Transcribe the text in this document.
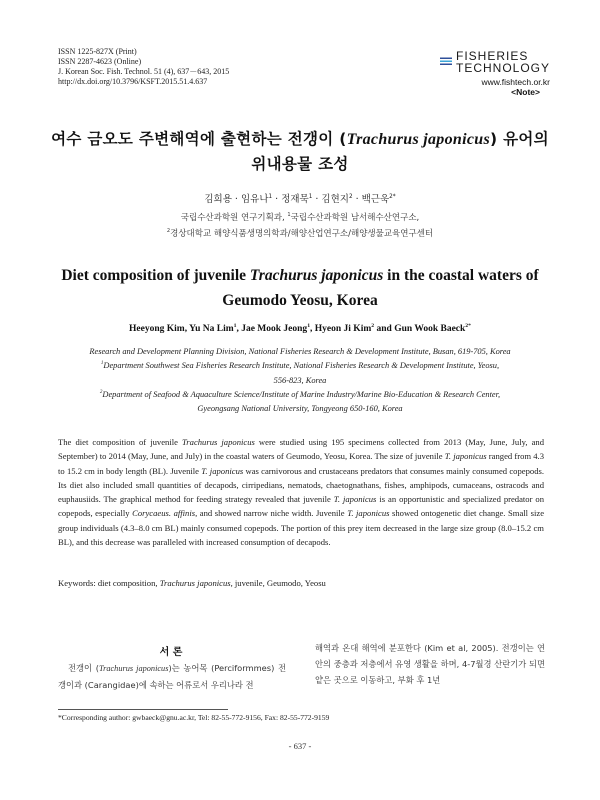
ISSN 1225-827X (Print)
ISSN 2287-4623 (Online)
J. Korean Soc. Fish. Technol. 51 (4), 637－643, 2015
http://dx.doi.org/10.3796/KSFT.2015.51.4.637
FISHERIES
TECHNOLOGY
www.fishtech.or.kr
<Note>
여수 금오도 주변해역에 출현하는 전갱이 (Trachurus japonicus) 유어의
위내용물 조성
김희용 · 임유나$^1$ · 정재묵$^1$ · 김현지$^2$ · 백근욱$^{2*}$
국립수산과학원 연구기획과, $^1$국립수산과학원 남서해수산연구소,
$^2$경상대학교 해양식품생명의학과/해양산업연구소/해양생물교육연구센터
Diet composition of juvenile Trachurus japonicus in the coastal waters of
Geumodo Yeosu, Korea
Heeyong Kim, Yu Na Lim$^1$, Jae Mook Jeong$^1$, Hyeon Ji Kim$^2$ and Gun Wook Baeck$^{2*}$
Research and Development Planning Division, National Fisheries Research & Development Institute, Busan, 619-705, Korea
$^1$Department Southwest Sea Fisheries Research Institute, National Fisheries Research & Development Institute, Yeosu,
556-823, Korea
$^2$Department of Seafood & Aquaculture Science/Institute of Marine Industry/Marine Bio-Education & Research Center,
Gyeongsang National University, Tongyeong 650-160, Korea
The diet composition of juvenile Trachurus japonicus were studied using 195 specimens collected from 2013 (May, June, July, and September) to 2014 (May, June, and July) in the coastal waters of Geumodo, Yeosu, Korea. The size of juvenile T. japonicus ranged from 4.3 to 15.2 cm in body length (BL). Juvenile T. japonicus was carnivorous and crustaceans predators that consumes mainly consumed copepods. Its diet also included small quantities of decapods, cirripedians, nematods, chaetognathans, fishes, amphipods, cumaceans, ostracods and euphausiids. The graphical method for feeding strategy revealed that juvenile T. japonicus is an opportunistic and specialized predator on copepods, especially Corycaeus. affinis, and showed narrow niche width. Juvenile T. japonicus showed ontogenetic diet change. Small size group individuals (4.3–8.0 cm BL) mainly consumed copepods. The portion of this prey item decreased in the large size group (8.0–15.2 cm BL), and this decrease was paralleled with increased consumption of decapods.
Keywords: diet composition, Trachurus japonicus, juvenile, Geumodo, Yeosu
서 론
전갱이 (Trachurus japonicus)는 농어목 (Perciformmes) 전갱이과 (Carangidae)에 속하는 어류로서 우리나라 전
해역과 온대 해역에 분포한다 (Kim et al, 2005). 전갱이는 연안의 중층과 저층에서 유영 생활을 하며, 4-7월경 산란기가 되면 얕은 곳으로 이동하고, 부화 후 1년
*Corresponding author: gwbaeck@gnu.ac.kr, Tel: 82-55-772-9156, Fax: 82-55-772-9159
- 637 -
